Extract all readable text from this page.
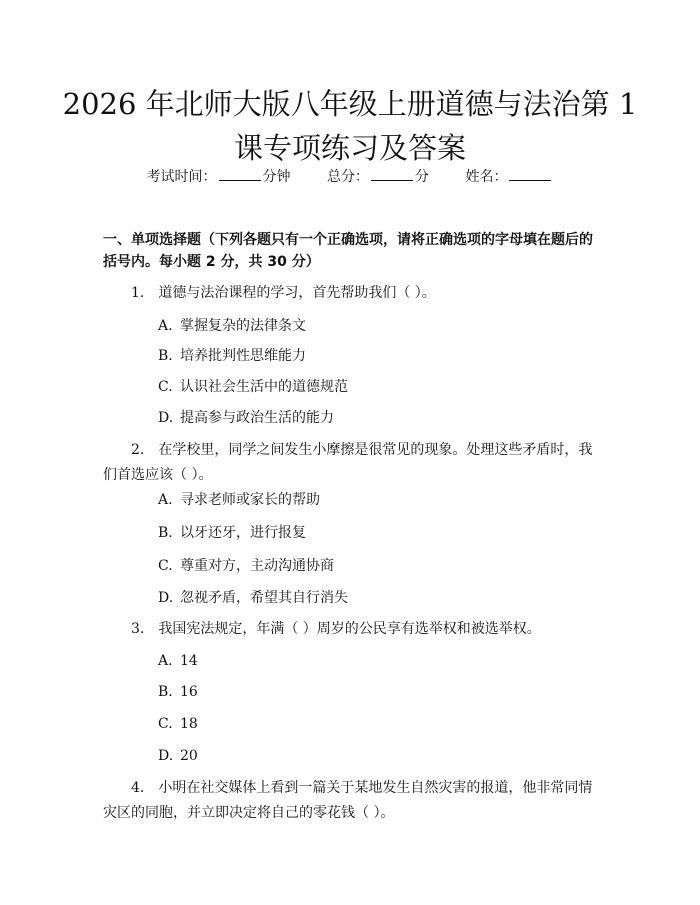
2026 年北师大版八年级上册道德与法治第 1
课专项练习及答案
考试时间：	分钟	总分：	分	姓名：
一、单项选择题（下列各题只有一个正确选项，请将正确选项的字母填在题后的括号内。每小题 2 分，共 30 分）
1. 道德与法治课程的学习，首先帮助我们（ ）。
A. 掌握复杂的法律条文
B. 培养批判性思维能力
C. 认识社会生活中的道德规范
D. 提高参与政治生活的能力
2. 在学校里，同学之间发生小摩擦是很常见的现象。处理这些矛盾时，我们首选应该（ ）。
A. 寻求老师或家长的帮助
B. 以牙还牙，进行报复
C. 尊重对方，主动沟通协商
D. 忽视矛盾，希望其自行消失
3. 我国宪法规定，年满（ ）周岁的公民享有选举权和被选举权。
A. 14
B. 16
C. 18
D. 20
4. 小明在社交媒体上看到一篇关于某地发生自然灾害的报道，他非常同情灾区的同胞，并立即决定将自己的零花钱（ ）。
